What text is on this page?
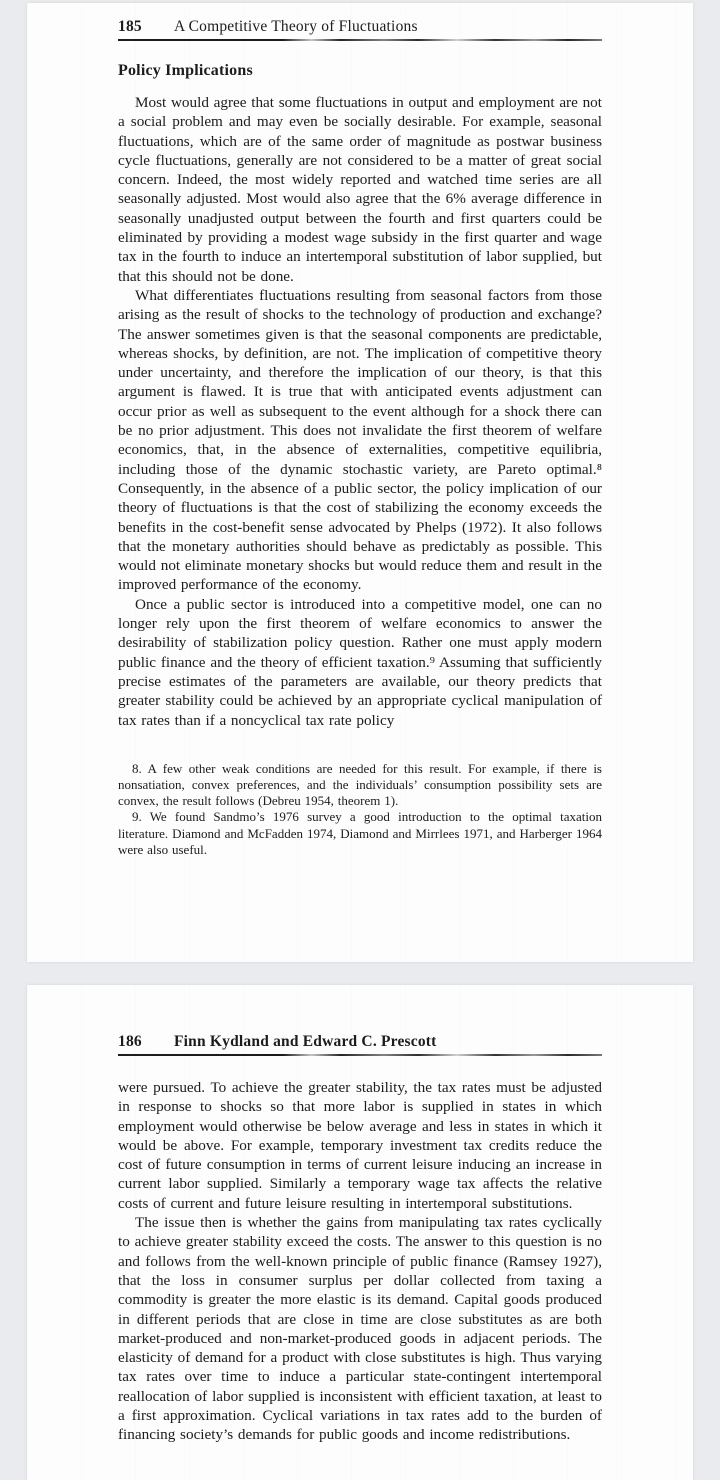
185	A Competitive Theory of Fluctuations
Policy Implications

Most would agree that some fluctuations in output and employment are not a social problem and may even be socially desirable. For example, seasonal fluctuations, which are of the same order of magnitude as postwar business cycle fluctuations, generally are not considered to be a matter of great social concern. Indeed, the most widely reported and watched time series are all seasonally adjusted. Most would also agree that the 6% average difference in seasonally unadjusted output between the fourth and first quarters could be eliminated by providing a modest wage subsidy in the first quarter and wage tax in the fourth to induce an intertemporal substitution of labor supplied, but that this should not be done.

What differentiates fluctuations resulting from seasonal factors from those arising as the result of shocks to the technology of production and exchange? The answer sometimes given is that the seasonal components are predictable, whereas shocks, by definition, are not. The implication of competitive theory under uncertainty, and therefore the implication of our theory, is that this argument is flawed. It is true that with anticipated events adjustment can occur prior as well as subsequent to the event although for a shock there can be no prior adjustment. This does not invalidate the first theorem of welfare economics, that, in the absence of externalities, competitive equilibria, including those of the dynamic stochastic variety, are Pareto optimal.⁸ Consequently, in the absence of a public sector, the policy implication of our theory of fluctuations is that the cost of stabilizing the economy exceeds the benefits in the cost-benefit sense advocated by Phelps (1972). It also follows that the monetary authorities should behave as predictably as possible. This would not eliminate monetary shocks but would reduce them and result in the improved performance of the economy.

Once a public sector is introduced into a competitive model, one can no longer rely upon the first theorem of welfare economics to answer the desirability of stabilization policy question. Rather one must apply modern public finance and the theory of efficient taxation.⁹ Assuming that sufficiently precise estimates of the parameters are available, our theory predicts that greater stability could be achieved by an appropriate cyclical manipulation of tax rates than if a noncyclical tax rate policy

8. A few other weak conditions are needed for this result. For example, if there is nonsatiation, convex preferences, and the individuals’ consumption possibility sets are convex, the result follows (Debreu 1954, theorem 1).

9. We found Sandmo’s 1976 survey a good introduction to the optimal taxation literature. Diamond and McFadden 1974, Diamond and Mirrlees 1971, and Harberger 1964 were also useful.

186	Finn Kydland and Edward C. Prescott

were pursued. To achieve the greater stability, the tax rates must be adjusted in response to shocks so that more labor is supplied in states in which employment would otherwise be below average and less in states in which it would be above. For example, temporary investment tax credits reduce the cost of future consumption in terms of current leisure inducing an increase in current labor supplied. Similarly a temporary wage tax affects the relative costs of current and future leisure resulting in intertemporal substitutions.

The issue then is whether the gains from manipulating tax rates cyclically to achieve greater stability exceed the costs. The answer to this question is no and follows from the well-known principle of public finance (Ramsey 1927), that the loss in consumer surplus per dollar collected from taxing a commodity is greater the more elastic is its demand. Capital goods produced in different periods that are close in time are close substitutes as are both market-produced and non-market-produced goods in adjacent periods. The elasticity of demand for a product with close substitutes is high. Thus varying tax rates over time to induce a particular state-contingent intertemporal reallocation of labor supplied is inconsistent with efficient taxation, at least to a first approximation. Cyclical variations in tax rates add to the burden of financing society’s demands for public goods and income redistributions.
